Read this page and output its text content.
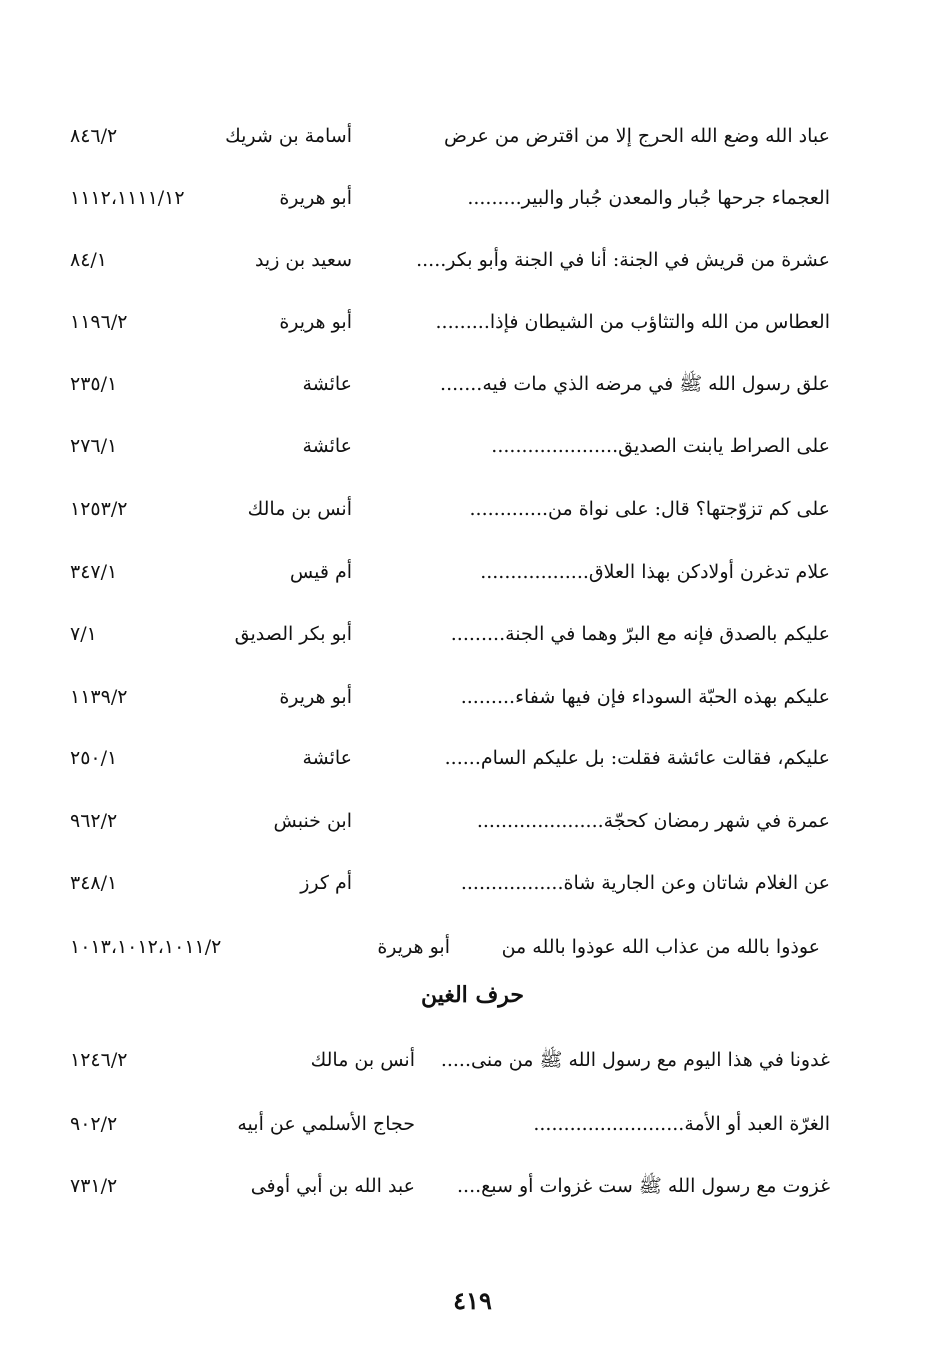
عباد الله وضع الله الحرج إلا من اقترض من عرض
أسامة بن شريك
٨٤٦/٢
العجماء جرحها جُبار والمعدن جُبار والبير.........
أبو هريرة
١١١٢،١١١١/١٢
عشرة من قريش في الجنة: أنا في الجنة وأبو بكر.....
سعيد بن زيد
٨٤/١
العطاس من الله والتثاؤب من الشيطان فإذا.........
أبو هريرة
١١٩٦/٢
علق رسول الله ﷺ في مرضه الذي مات فيه.......
عائشة
٢٣٥/١
على الصراط يابنت الصديق.....................
عائشة
٢٧٦/١
على كم تزوّجتها؟ قال: على نواة من.............
أنس بن مالك
١٢٥٣/٢
علام تدغرن أولادكن بهذا العلاق..................
أم قيس
٣٤٧/١
عليكم بالصدق فإنه مع البرّ وهما في الجنة.........
أبو بكر الصديق
٧/١
عليكم بهذه الحبّة السوداء فإن فيها شفاء.........
أبو هريرة
١١٣٩/٢
عليكم، فقالت عائشة فقلت: بل عليكم السام......
عائشة
٢٥٠/١
عمرة في شهر رمضان كحجّة.....................
ابن خنبش
٩٦٢/٢
عن الغلام شاتان وعن الجارية شاة.................
أم كرز
٣٤٨/١
عوذوا بالله من عذاب الله عوذوا بالله من
أبو هريرة
١٠١٣،١٠١٢،١٠١١/٢
حرف الغين
غدونا في هذا اليوم مع رسول الله ﷺ من منى.....
أنس بن مالك
١٢٤٦/٢
الغرّة العبد أو الأمة.........................
حجاج الأسلمي عن أبيه
٩٠٢/٢
غزوت مع رسول الله ﷺ ست غزوات أو سبع....
عبد الله بن أبي أوفى
٧٣١/٢
٤١٩
